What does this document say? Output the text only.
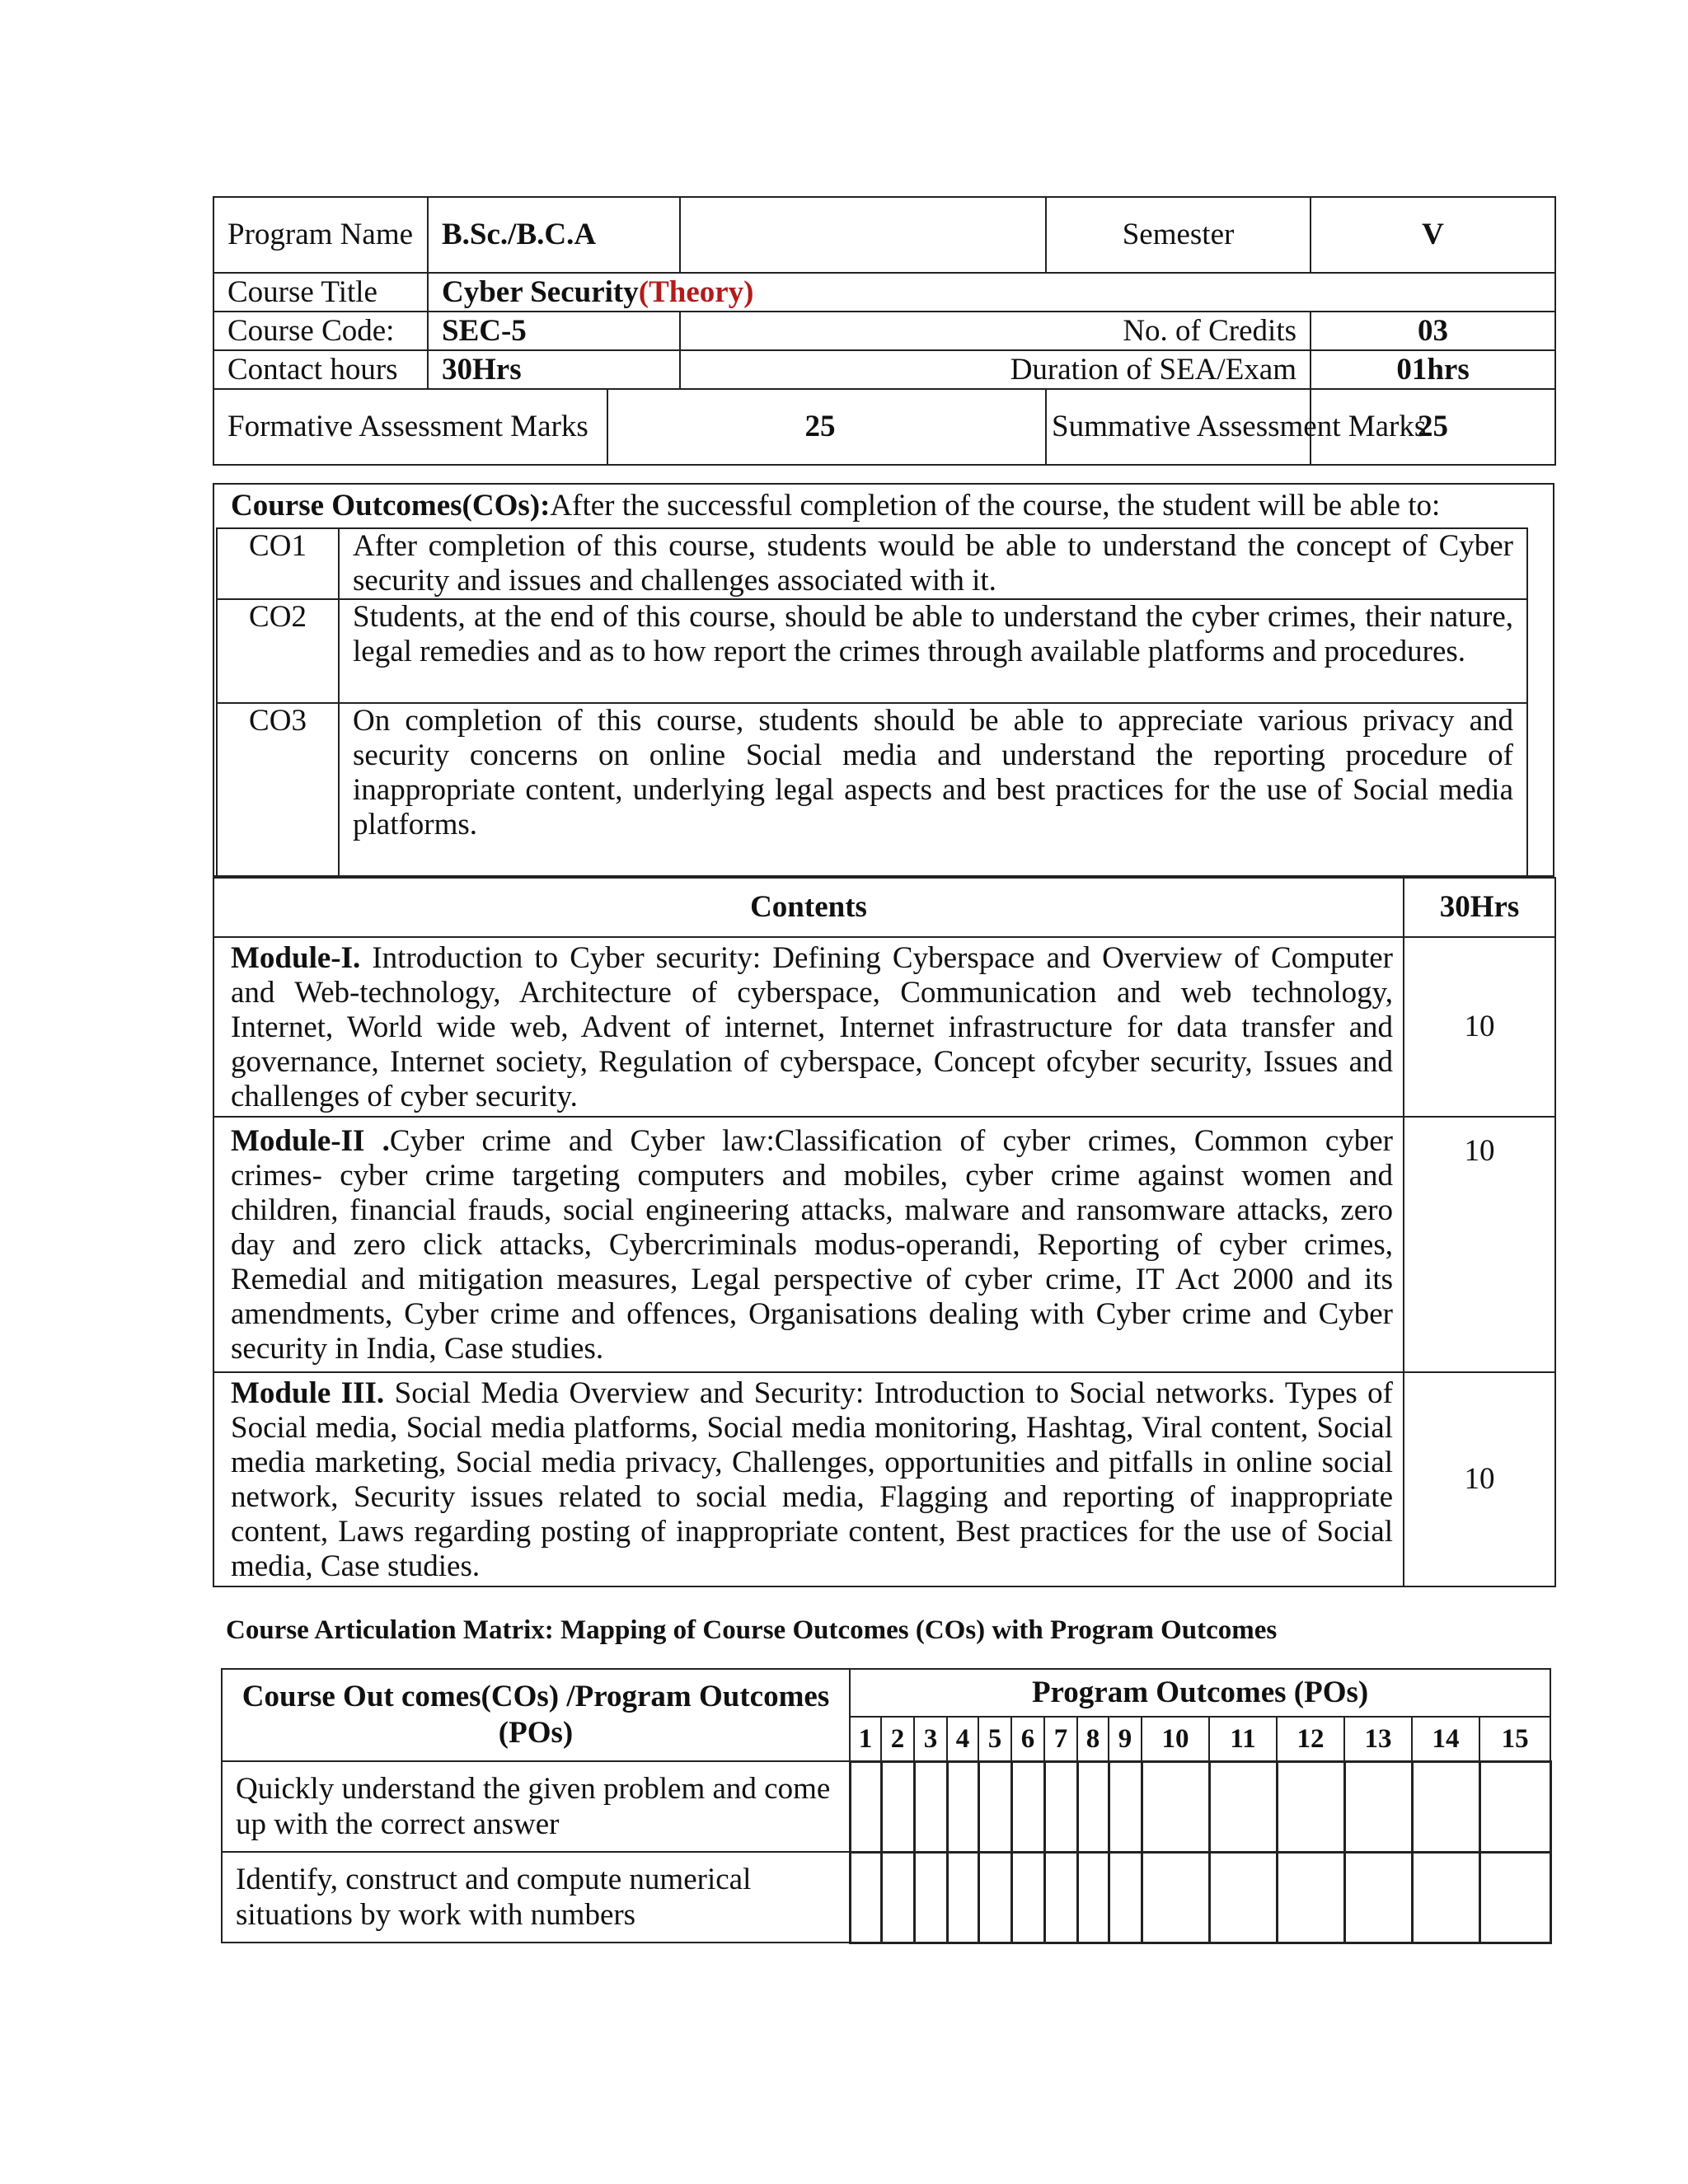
Program Name	B.Sc./B.C.A			Semester	V
Course Title	Cyber Security(Theory)				
Course Code:	SEC-5		No. of Credits		03
Contact hours	30Hrs		Duration of SEA/Exam		01hrs
Formative Assessment Marks		25		Summative Assessment Marks	25
Course Outcomes(COs):After the successful completion of the course, the student will be able to:
CO1	After completion of this course, students would be able to understand the concept of Cyber security and issues and challenges associated with it.
CO2	Students, at the end of this course, should be able to understand the cyber crimes, their nature, legal remedies and as to how report the crimes through available platforms and procedures.
CO3	On completion of this course, students should be able to appreciate various privacy and security concerns on online Social media and understand the reporting procedure of inappropriate content, underlying legal aspects and best practices for the use of Social media platforms.
Contents	30Hrs
Module-I. Introduction to Cyber security: Defining Cyberspace and Overview of Computer and Web-technology, Architecture of cyberspace, Communication and web technology, Internet, World wide web, Advent of internet, Internet infrastructure for data transfer and governance, Internet society, Regulation of cyberspace, Concept ofcyber security, Issues and challenges of cyber security.	10
Module-II .Cyber crime and Cyber law:Classification of cyber crimes, Common cyber crimes- cyber crime targeting computers and mobiles, cyber crime against women and children, financial frauds, social engineering attacks, malware and ransomware attacks, zero day and zero click attacks, Cybercriminals modus-operandi, Reporting of cyber crimes, Remedial and mitigation measures, Legal perspective of cyber crime, IT Act 2000 and its amendments, Cyber crime and offences, Organisations dealing with Cyber crime and Cyber security in India, Case studies.	10
Module III. Social Media Overview and Security: Introduction to Social networks. Types of Social media, Social media platforms, Social media monitoring, Hashtag, Viral content, Social media marketing, Social media privacy, Challenges, opportunities and pitfalls in online social network, Security issues related to social media, Flagging and reporting of inappropriate content, Laws regarding posting of inappropriate content, Best practices for the use of Social media, Case studies.	10
Course Articulation Matrix: Mapping of Course Outcomes (COs) with Program Outcomes
Course Out comes(COs) /Program Outcomes (POs)	Program Outcomes (POs)														
	1	2	3	4	5	6	7	8	9	10	11	12	13	14	15
Quickly understand the given problem and come up with the correct answer															
Identify, construct and compute numerical situations by work with numbers															
